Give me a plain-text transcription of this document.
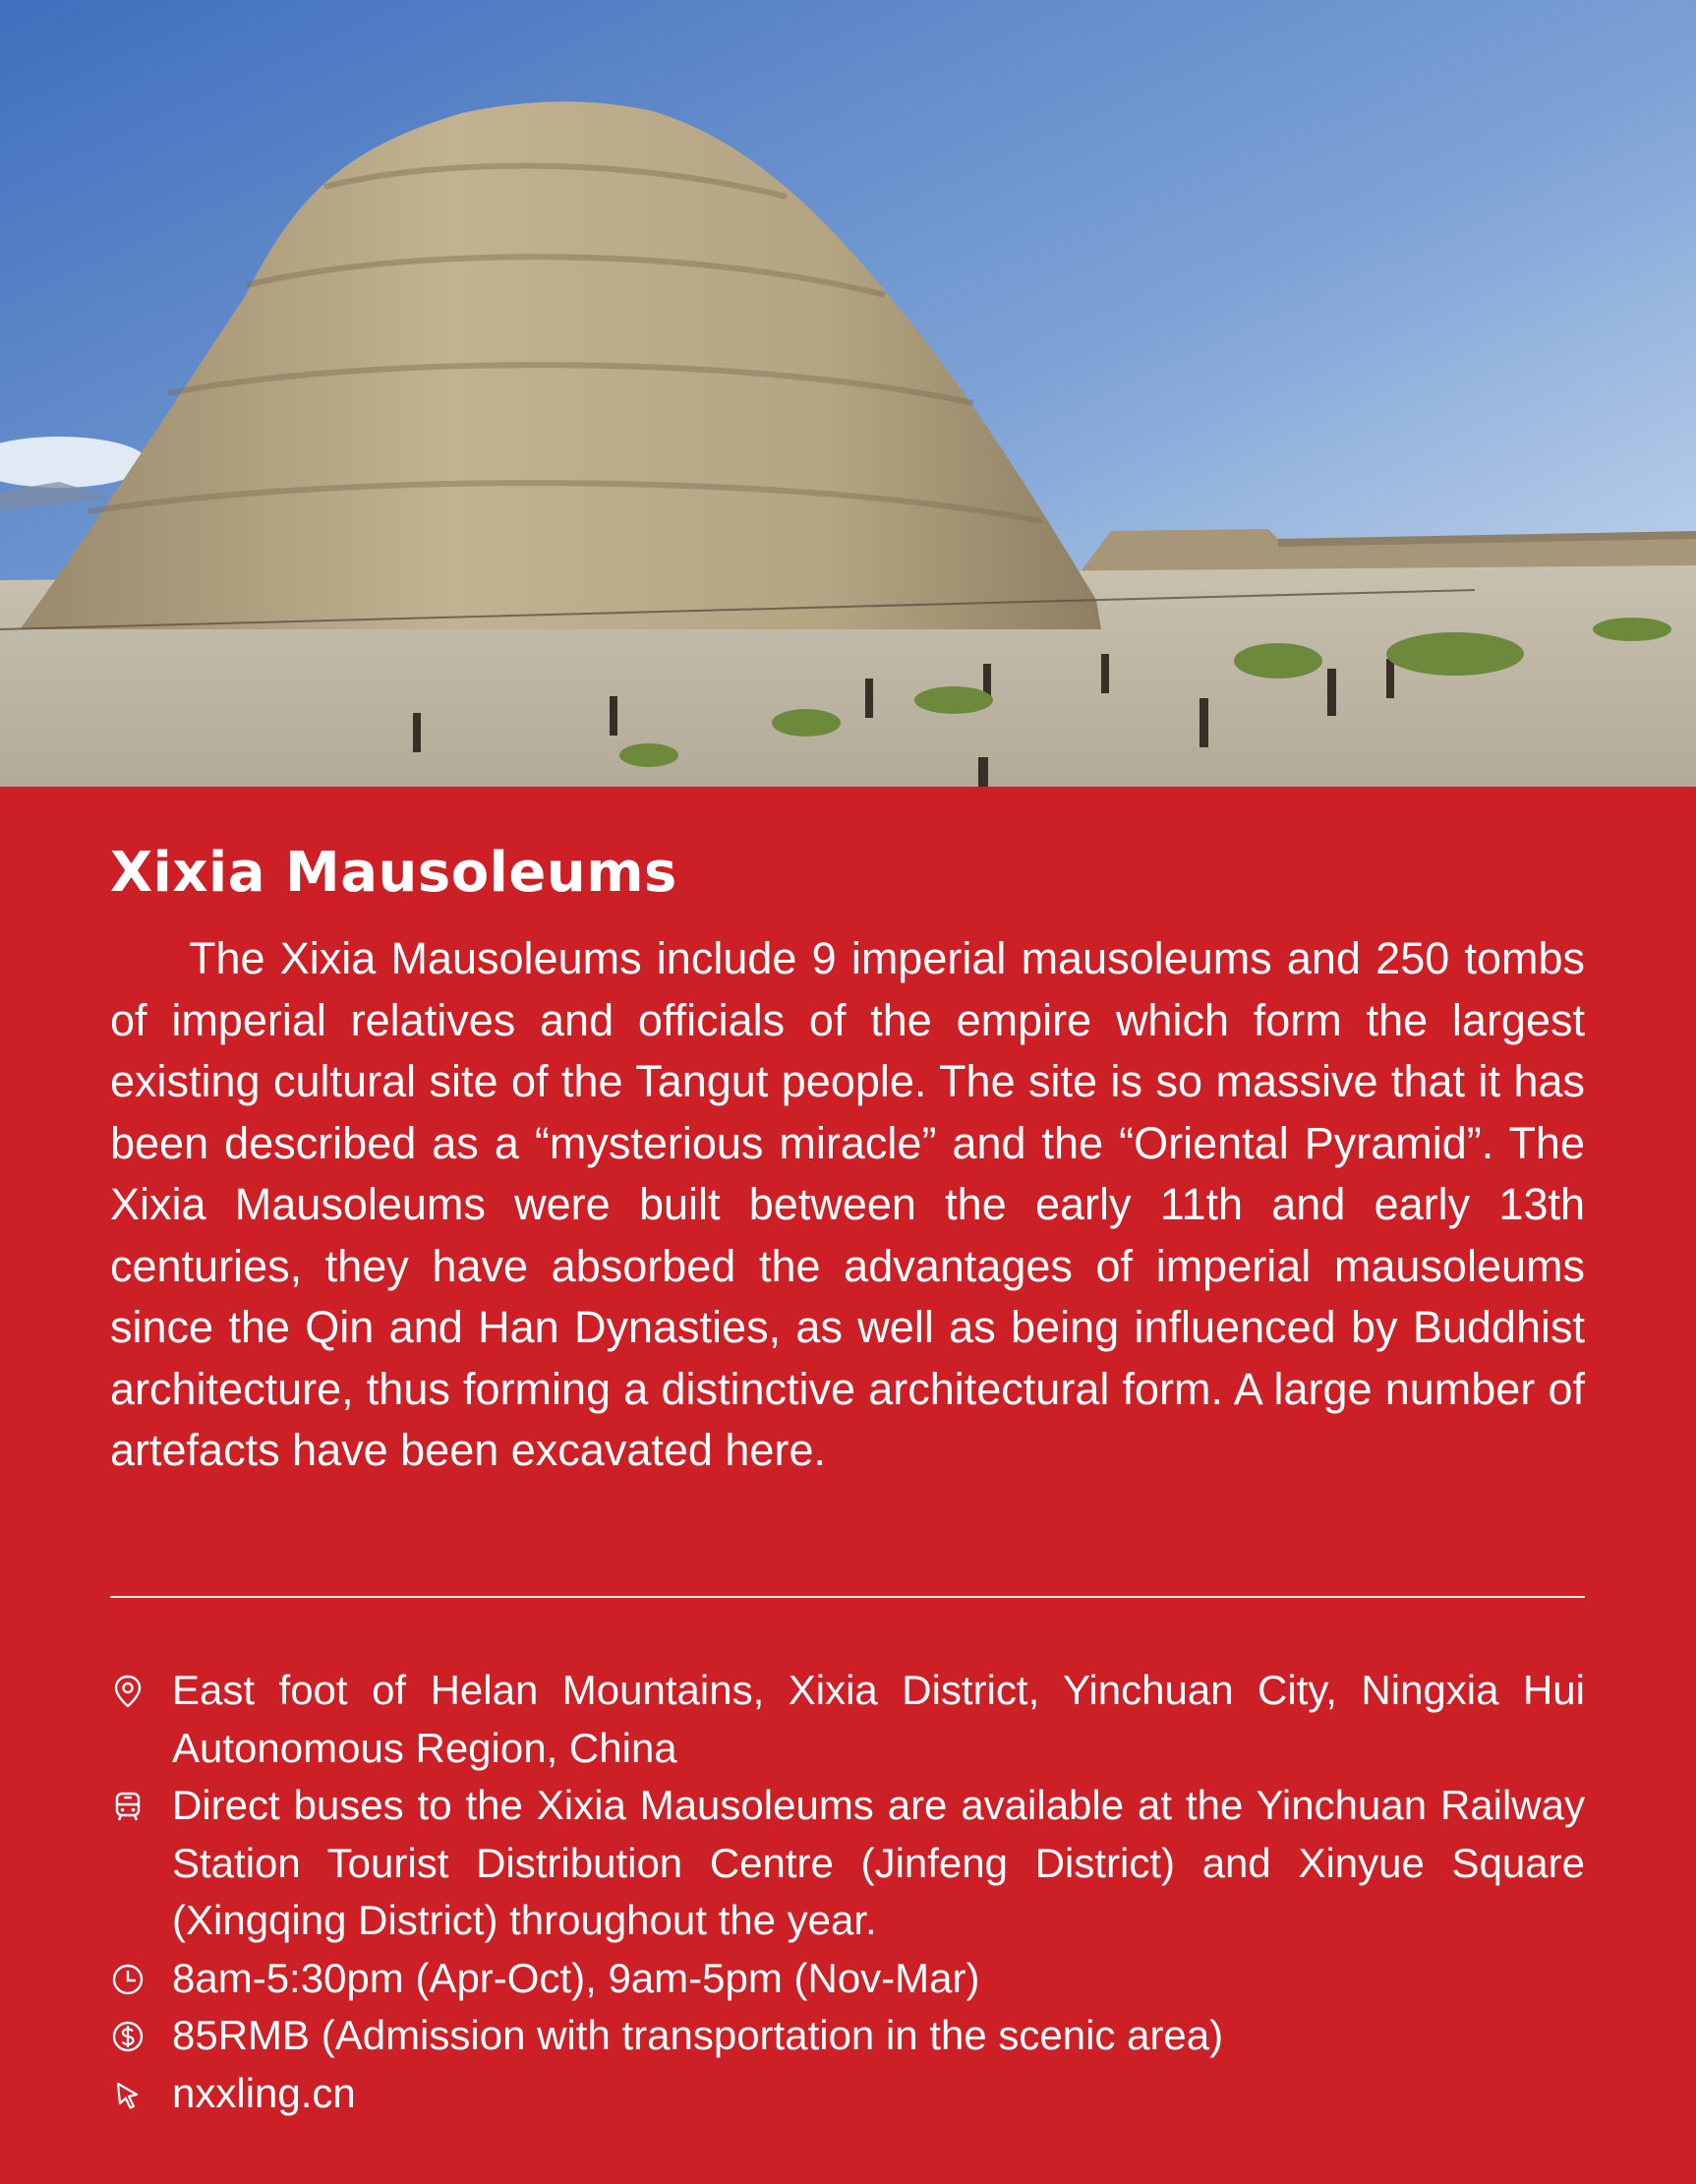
Xixia Mausoleums

The Xixia Mausoleums include 9 imperial mausoleums and 250 tombs of imperial relatives and officials of the empire which form the largest existing cultural site of the Tangut people. The site is so massive that it has been described as a “mysterious miracle” and the “Oriental Pyramid”. The Xixia Mausoleums were built between the early 11th and early 13th centuries, they have absorbed the advantages of imperial mausoleums since the Qin and Han Dynasties, as well as being influenced by Buddhist architecture, thus forming a distinctive architectural form. A large number of artefacts have been excavated here.

East foot of Helan Mountains, Xixia District, Yinchuan City, Ningxia Hui Autonomous Region, China
Direct buses to the Xixia Mausoleums are available at the Yinchuan Railway Station Tourist Distribution Centre (Jinfeng District) and Xinyue Square (Xingqing District) throughout the year.
8am-5:30pm (Apr-Oct), 9am-5pm (Nov-Mar)
85RMB (Admission with transportation in the scenic area)
nxxling.cn
